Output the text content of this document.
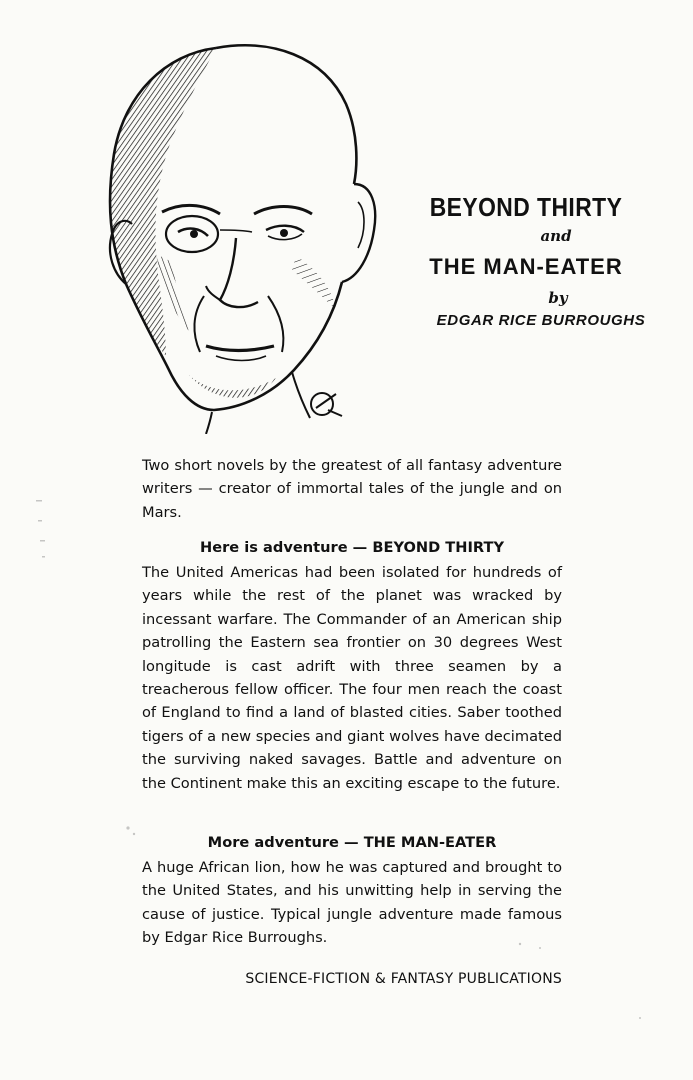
BEYOND THIRTY
and
THE MAN-EATER
by
EDGAR RICE BURROUGHS

Two short novels by the greatest of all fantasy adventure writers — creator of immortal tales of the jungle and on Mars.

Here is adventure — BEYOND THIRTY

The United Americas had been isolated for hundreds of years while the rest of the planet was wracked by incessant warfare. The Commander of an American ship patrolling the Eastern sea frontier on 30 degrees West longitude is cast adrift with three seamen by a treacherous fellow officer. The four men reach the coast of England to find a land of blasted cities. Saber toothed tigers of a new species and giant wolves have decimated the surviving naked savages. Battle and adventure on the Continent make this an exciting escape to the future.

More adventure — THE MAN-EATER

A huge African lion, how he was captured and brought to the United States, and his unwitting help in serving the cause of justice. Typical jungle adventure made famous by Edgar Rice Burroughs.

SCIENCE-FICTION & FANTASY PUBLICATIONS
